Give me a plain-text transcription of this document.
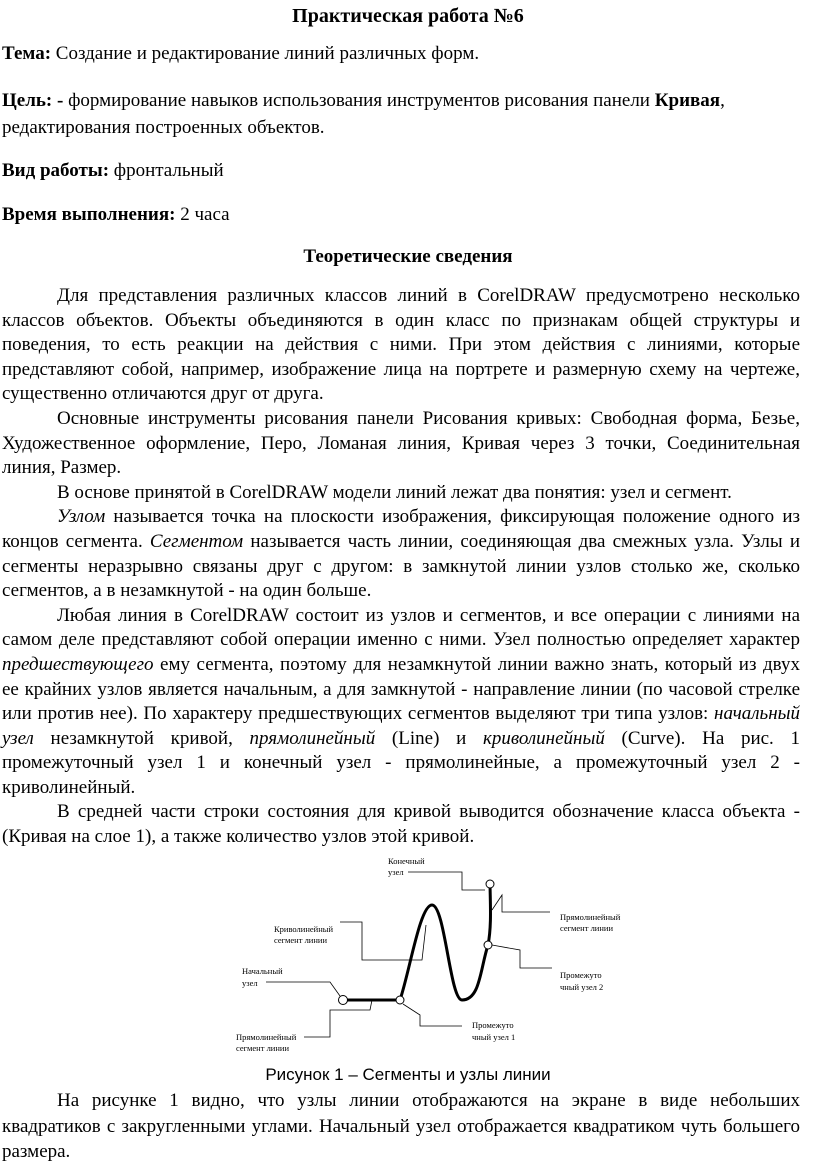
Практическая работа №6
Тема: Создание и редактирование линий различных форм.
Цель: - формирование навыков использования инструментов рисования панели Кривая, редактирования построенных объектов.
Вид работы: фронтальный
Время выполнения: 2 часа
Теоретические сведения

Для представления различных классов линий в CorelDRAW предусмотрено несколько классов объектов. Объекты объединяются в один класс по признакам общей структуры и поведения, то есть реакции на действия с ними. При этом действия с линиями, которые представляют собой, например, изображение лица на портрете и размерную схему на чертеже, существенно отличаются друг от друга.

Основные инструменты рисования панели Рисования кривых: Свободная форма, Безье, Художественное оформление, Перо, Ломаная линия, Кривая через 3 точки, Соединительная линия, Размер.

В основе принятой в CorelDRAW модели линий лежат два понятия: узел и сегмент.

Узлом называется точка на плоскости изображения, фиксирующая положение одного из концов сегмента. Сегментом называется часть линии, соединяющая два смежных узла. Узлы и сегменты неразрывно связаны друг с другом: в замкнутой линии узлов столько же, сколько сегментов, а в незамкнутой - на один больше.

Любая линия в CorelDRAW состоит из узлов и сегментов, и все операции с линиями на самом деле представляют собой операции именно с ними. Узел полностью определяет характер предшествующего ему сегмента, поэтому для незамкнутой линии важно знать, который из двух ее крайних узлов является начальным, а для замкнутой - направление линии (по часовой стрелке или против нее). По характеру предшествующих сегментов выделяют три типа узлов: начальный узел незамкнутой кривой, прямолинейный (Line) и криволинейный (Curve). На рис. 1 промежуточный узел 1 и конечный узел - прямолинейные, а промежуточный узел 2 - криволинейный.

В средней части строки состояния для кривой выводится обозначение класса объекта - (Кривая на слое 1), а также количество узлов этой кривой.

Конечный
узел
Криволинейный
сегмент линии
Начальный
узел
Прямолинейный
сегмент линии
Прямолинейный
сегмент линии
Промежуто
чный узел 2
Промежуто
чный узел 1
Рисунок 1 – Сегменты и узлы линии

На рисунке 1 видно, что узлы линии отображаются на экране в виде небольших квадратиков с закругленными углами. Начальный узел отображается квадратиком чуть большего размера.
